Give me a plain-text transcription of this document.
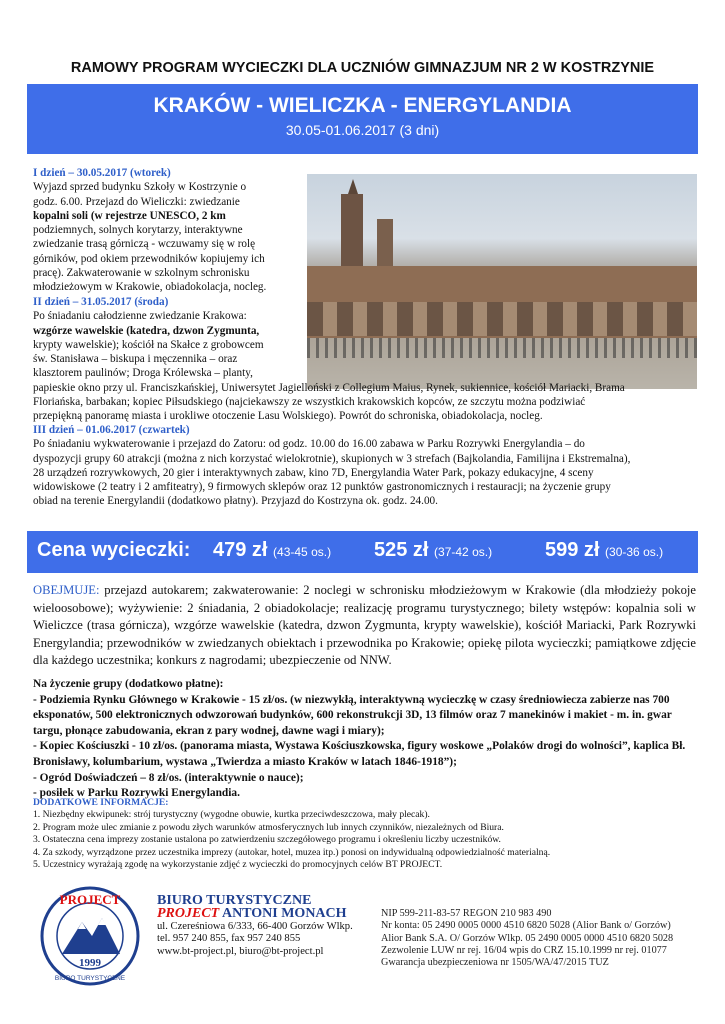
RAMOWY PROGRAM WYCIECZKI DLA UCZNIÓW GIMNAZJUM NR 2 W KOSTRZYNIE
KRAKÓW - WIELICZKA - ENERGYLANDIA
30.05-01.06.2017 (3 dni)
I dzień – 30.05.2017 (wtorek)
Wyjazd sprzed budynku Szkoły w Kostrzynie o
godz. 6.00. Przejazd do Wieliczki: zwiedzanie
kopalni soli (w rejestrze UNESCO, 2 km
podziemnych, solnych korytarzy, interaktywne
zwiedzanie trasą górniczą - wczuwamy się w rolę
górników, pod okiem przewodników kopiujemy ich
pracę). Zakwaterowanie w szkolnym schronisku
młodzieżowym w Krakowie, obiadokolacja, nocleg.
II dzień – 31.05.2017 (środa)
Po śniadaniu całodzienne zwiedzanie Krakowa:
wzgórze wawelskie (katedra, dzwon Zygmunta,
krypty wawelskie); kościół na Skałce z grobowcem
św. Stanisława – biskupa i męczennika – oraz
klasztorem paulinów; Droga Królewska – planty,
papieskie okno przy ul. Franciszkańskiej, Uniwersytet Jagielloński z Collegium Maius, Rynek, sukiennice, kościół Mariacki, Brama
Floriańska, barbakan; kopiec Piłsudskiego (najciekawszy ze wszystkich krakowskich kopców, ze szczytu można podziwiać
przepiękną panoramę miasta i urokliwe otoczenie Lasu Wolskiego). Powrót do schroniska, obiadokolacja, nocleg.
III dzień – 01.06.2017 (czwartek)
Po śniadaniu wykwaterowanie i przejazd do Zatoru: od godz. 10.00 do 16.00 zabawa w Parku Rozrywki Energylandia – do
dyspozycji grupy 60 atrakcji (można z nich korzystać wielokrotnie), skupionych w 3 strefach (Bajkolandia, Familijna i Ekstremalna),
28 urządzeń rozrywkowych, 20 gier i interaktywnych zabaw, kino 7D, Energylandia Water Park, pokazy edukacyjne, 4 sceny
widowiskowe (2 teatry i 2 amfiteatry), 9 firmowych sklepów oraz 12 punktów gastronomicznych i restauracji; na życzenie grupy
obiad na terenie Energylandii (dodatkowo płatny). Przyjazd do Kostrzyna ok. godz. 24.00.
Cena wycieczki: 479 zł (43-45 os.) 525 zł (37-42 os.)	599 zł (30-36 os.)
OBEJMUJE: przejazd autokarem; zakwaterowanie: 2 noclegi w schronisku młodzieżowym w Krakowie (dla młodzieży pokoje wieloosobowe); wyżywienie: 2 śniadania, 2 obiadokolacje; realizację programu turystycznego; bilety wstępów: kopalnia soli w Wieliczce (trasa górnicza), wzgórze wawelskie (katedra, dzwon Zygmunta, krypty wawelskie), kościół Mariacki, Park Rozrywki Energylandia; przewodników w zwiedzanych obiektach i przewodnika po Krakowie; opiekę pilota wycieczki; pamiątkowe zdjęcie dla każdego uczestnika; konkurs z nagrodami; ubezpieczenie od NNW.
Na życzenie grupy (dodatkowo płatne):
- Podziemia Rynku Głównego w Krakowie - 15 zł/os. (w niezwykłą, interaktywną wycieczkę w czasy średniowiecza zabierze nas 700 eksponatów, 500 elektronicznych odwzorowań budynków, 600 rekonstrukcji 3D, 13 filmów oraz 7 manekinów i makiet - m. in. gwar targu, płonące zabudowania, ekran z pary wodnej, dawne wagi i miary);
- Kopiec Kościuszki - 10 zł/os. (panorama miasta, Wystawa Kościuszkowska, figury woskowe „Polaków drogi do wolności”, kaplica Bł. Bronisławy, kolumbarium, wystawa „Twierdza a miasto Kraków w latach 1846-1918”);
- Ogród Doświadczeń – 8 zł/os. (interaktywnie o nauce);
- posiłek w Parku Rozrywki Energylandia.
DODATKOWE INFORMACJE:
1. Niezbędny ekwipunek: strój turystyczny (wygodne obuwie, kurtka przeciwdeszczowa, mały plecak).
2. Program może ulec zmianie z powodu złych warunków atmosferycznych lub innych czynników, niezależnych od Biura.
3. Ostateczna cena imprezy zostanie ustalona po zatwierdzeniu szczegółowego programu i określeniu liczby uczestników.
4. Za szkody, wyrządzone przez uczestnika imprezy (autokar, hotel, muzea itp.) ponosi on indywidualną odpowiedzialność materialną.
5. Uczestnicy wyrażają zgodę na wykorzystanie zdjęć z wycieczki do promocyjnych celów BT PROJECT.
PROJECT
1999
BIURO TURYSTYCZNE
BIURO TURYSTYCZNE
PROJECT ANTONI MONACH
ul. Czereśniowa 6/333, 66-400 Gorzów Wlkp.
tel. 957 240 855, fax 957 240 855
www.bt-project.pl, biuro@bt-project.pl
NIP 599-211-83-57 REGON 210 983 490
Nr konta: 05 2490 0005 0000 4510 6820 5028 (Alior Bank o/ Gorzów)
Alior Bank S.A. O/ Gorzów Wlkp. 05 2490 0005 0000 4510 6820 5028
Zezwolenie LUW nr rej. 16/04 wpis do CRZ 15.10.1999 nr rej. 01077
Gwarancja ubezpieczeniowa nr 1505/WA/47/2015 TUZ
